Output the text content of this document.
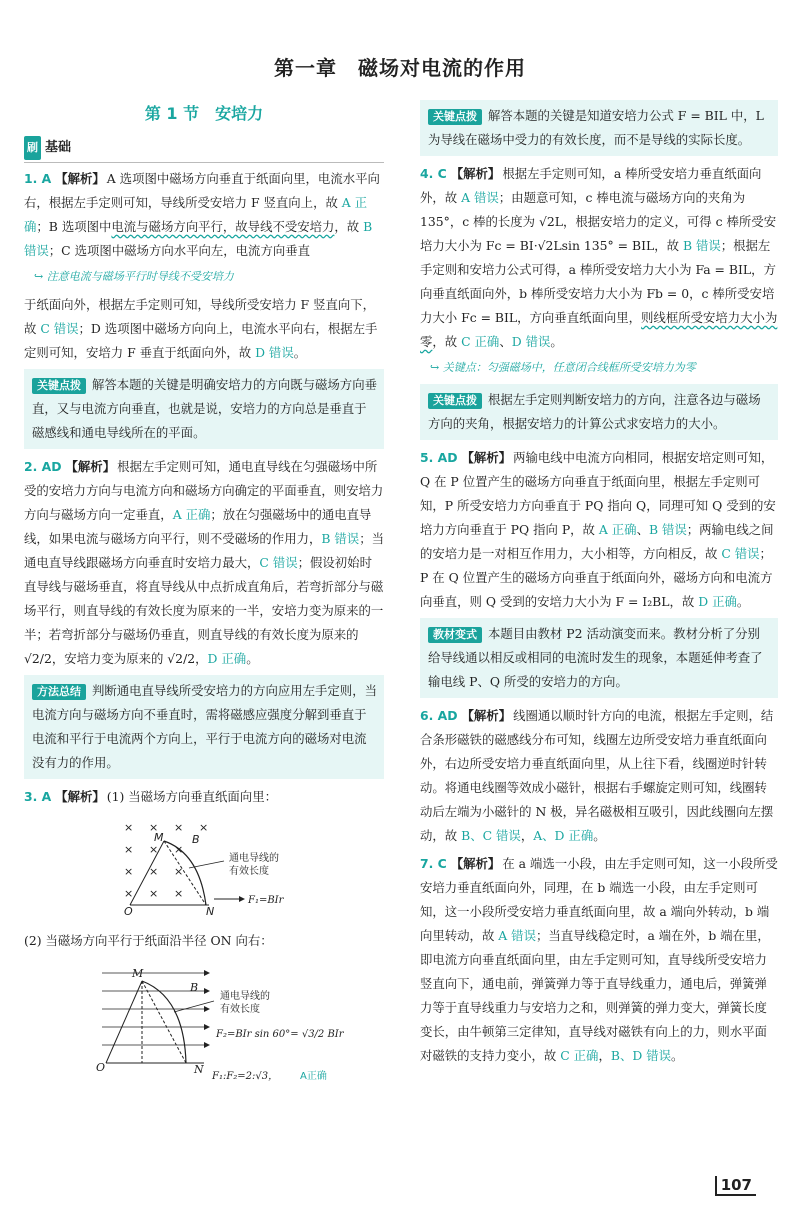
第一章　磁场对电流的作用
第 1 节　安培力
刷 基础
1. A 【解析】 A 选项图中磁场方向垂直于纸面向里，电流水平向右，根据左手定则可知，导线所受安培力 F 竖直向上，故 A 正确；B 选项图中电流与磁场方向平行，故导线不受安培力，故 B 错误；C 选项图中磁场方向水平向左，电流方向垂直
↪ 注意电流与磁场平行时导线不受安培力
于纸面向外，根据左手定则可知，导线所受安培力 F 竖直向下，故 C 错误；D 选项图中磁场方向向上，电流水平向右，根据左手定则可知，安培力 F 垂直于纸面向外，故 D 错误。
关键点拨 解答本题的关键是明确安培力的方向既与磁场方向垂直，又与电流方向垂直，也就是说，安培力的方向总是垂直于磁感线和通电导线所在的平面。
2. AD 【解析】 根据左手定则可知，通电直导线在匀强磁场中所受的安培力方向与电流方向和磁场方向确定的平面垂直，则安培力方向与磁场方向一定垂直，A 正确；放在匀强磁场中的通电直导线，如果电流与磁场方向平行，则不受磁场的作用力，B 错误；当通电直导线跟磁场方向垂直时安培力最大，C 错误；假设初始时直导线与磁场垂直，将直导线从中点折成直角后，若弯折部分与磁场平行，则直导线的有效长度为原来的一半，安培力变为原来的一半；若弯折部分与磁场仍垂直，则直导线的有效长度为原来的 √2/2，安培力变为原来的 √2/2，D 正确。
方法总结 判断通电直导线所受安培力的方向应用左手定则，当电流方向与磁场方向不垂直时，需将磁感应强度分解到垂直于电流和平行于电流两个方向上，平行于电流方向的磁场对电流没有力的作用。
3. A 【解析】 (1) 当磁场方向垂直纸面向里：
× × × ×
× × ×
× × ×
× × ×
M	B
O	N
F₁=BIr
通电导线的
有效长度
(2) 当磁场方向平行于纸面沿半径 ON 向右：
M
B
O	N
通电导线的
有效长度
F₂=BIr sin 60°= √3/2 BIr
F₁:F₂=2:√3， A正确
关键点拨 解答本题的关键是知道安培力公式 F = BIL 中，L 为导线在磁场中受力的有效长度，而不是导线的实际长度。
4. C 【解析】 根据左手定则可知，a 棒所受安培力垂直纸面向外，故 A 错误；由题意可知，c 棒电流与磁场方向的夹角为 135°，c 棒的长度为 √2L，根据安培力的定义，可得 c 棒所受安培力大小为 Fc = BI·√2Lsin 135° = BIL，故 B 错误；根据左手定则和安培力公式可得，a 棒所受安培力大小为 Fa = BIL，方向垂直纸面向外，b 棒所受安培力大小为 Fb = 0，c 棒所受安培力大小 Fc = BIL，方向垂直纸面向里，则线框所受安培力大小为零，故 C 正确、D 错误。
↪ 关键点：匀强磁场中，任意闭合线框所受安培力为零
关键点拨 根据左手定则判断安培力的方向，注意各边与磁场方向的夹角，根据安培力的计算公式求安培力的大小。
5. AD 【解析】 两输电线中电流方向相同，根据安培定则可知，Q 在 P 位置产生的磁场方向垂直于纸面向里，根据左手定则可知，P 所受安培力方向垂直于 PQ 指向 Q，同理可知 Q 受到的安培力方向垂直于 PQ 指向 P，故 A 正确、B 错误；两输电线之间的安培力是一对相互作用力，大小相等，方向相反，故 C 错误；P 在 Q 位置产生的磁场方向垂直于纸面向外，磁场方向和电流方向垂直，则 Q 受到的安培力大小为 F = I₂BL，故 D 正确。
教材变式 本题目由教材 P2 活动演变而来。教材分析了分别给导线通以相反或相同的电流时发生的现象，本题延伸考查了输电线 P、Q 所受的安培力的方向。
6. AD 【解析】 线圈通以顺时针方向的电流，根据左手定则，结合条形磁铁的磁感线分布可知，线圈左边所受安培力垂直纸面向外，右边所受安培力垂直纸面向里，从上往下看，线圈逆时针转动。将通电线圈等效成小磁针，根据右手螺旋定则可知，线圈转动后左端为小磁针的 N 极，异名磁极相互吸引，因此线圈向左摆动，故 B、C 错误，A、D 正确。
7. C 【解析】 在 a 端选一小段，由左手定则可知，这一小段所受安培力垂直纸面向外，同理，在 b 端选一小段，由左手定则可知，这一小段所受安培力垂直纸面向里，故 a 端向外转动，b 端向里转动，故 A 错误；当直导线稳定时，a 端在外，b 端在里，即电流方向垂直纸面向里，由左手定则可知，直导线所受安培力竖直向下，通电前，弹簧弹力等于直导线重力，通电后，弹簧弹力等于直导线重力与安培力之和，则弹簧的弹力变大，弹簧长度变长，由牛顿第三定律知，直导线对磁铁有向上的力，则水平面对磁铁的支持力变小，故 C 正确，B、D 错误。
107
